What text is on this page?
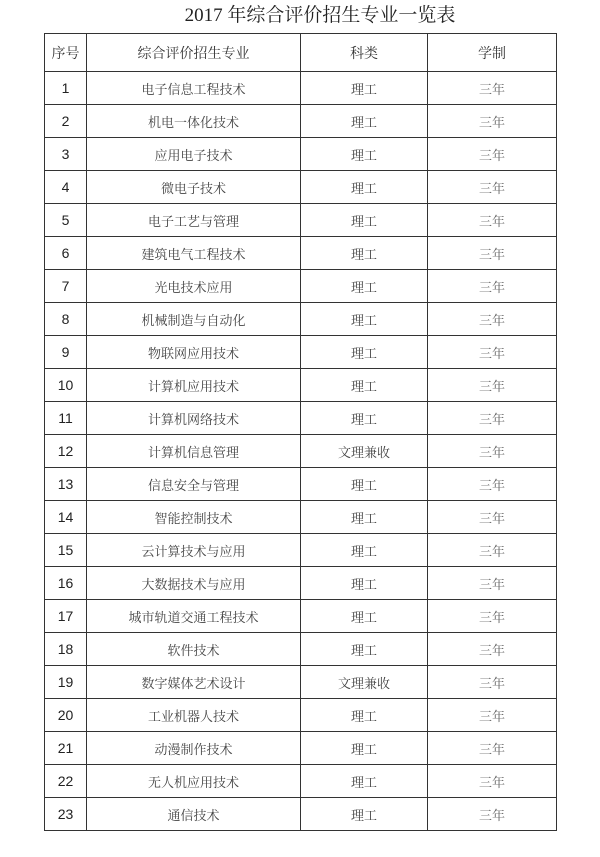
2017 年综合评价招生专业一览表
序号	综合评价招生专业	科类	学制
1	电子信息工程技术	理工	三年
2	机电一体化技术	理工	三年
3	应用电子技术	理工	三年
4	微电子技术	理工	三年
5	电子工艺与管理	理工	三年
6	建筑电气工程技术	理工	三年
7	光电技术应用	理工	三年
8	机械制造与自动化	理工	三年
9	物联网应用技术	理工	三年
10	计算机应用技术	理工	三年
11	计算机网络技术	理工	三年
12	计算机信息管理	文理兼收	三年
13	信息安全与管理	理工	三年
14	智能控制技术	理工	三年
15	云计算技术与应用	理工	三年
16	大数据技术与应用	理工	三年
17	城市轨道交通工程技术	理工	三年
18	软件技术	理工	三年
19	数字媒体艺术设计	文理兼收	三年
20	工业机器人技术	理工	三年
21	动漫制作技术	理工	三年
22	无人机应用技术	理工	三年
23	通信技术	理工	三年
